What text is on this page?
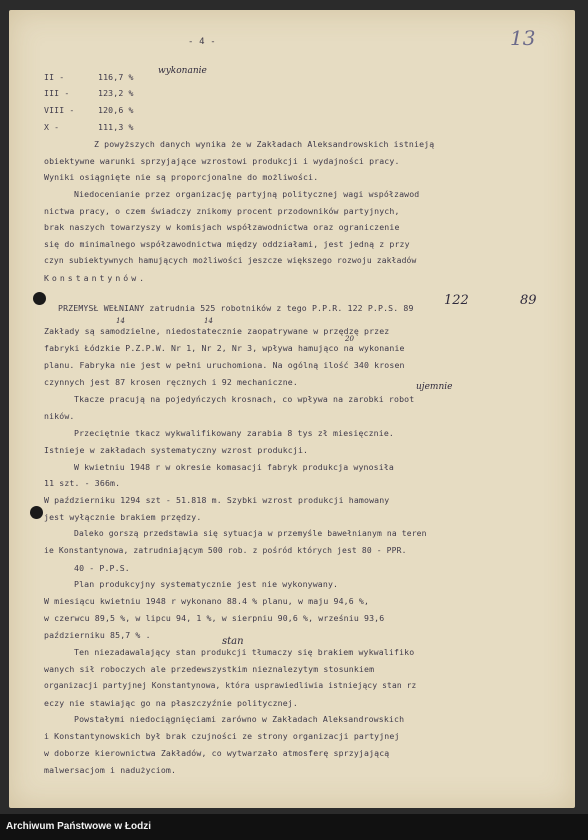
- 4 -	13
II -	116,7 %
III -	123,2 %
VIII -	120,6 %
X -	111,3 %
wykonanie
Z powyższych danych wynika że w Zakładach Aleksandrowskich istnieją
obiektywne warunki sprzyjające wzrostowi produkcji i wydajności pracy.
Wyniki osiągnięte nie są proporcjonalne do możliwości.
Niedocenianie przez organizację partyjną politycznej wagi współzawod
nictwa pracy, o czem świadczy znikomy procent przodowników partyjnych,
brak naszych towarzyszy w komisjach współzawodnictwa oraz ograniczenie
się do minimalnego współzawodnictwa między oddziałami, jest jedną z przy
czyn subiektywnych hamujących możliwości jeszcze większego rozwoju zakładów
Konstantynów.
PRZEMYSŁ WEŁNIANY zatrudnia 525 robotników z tego P.P.R. 122 P.P.S. 89
Zakłady są samodzielne, niedostatecznie zaopatrywane w przędzę przez
fabryki Łódzkie P.Z.P.W. Nr 1, Nr 2, Nr 3, wpływa hamująco na wykonanie
planu. Fabryka nie jest w pełni uruchomiona. Na ogólną ilość 340 krosen
czynnych jest 87 krosen ręcznych i 92 mechaniczne.
Tkacze pracują na pojedyńczych krosnach, co wpływa na zarobki robot
ników.
Przeciętnie tkacz wykwalifikowany zarabia 8 tys zł miesięcznie.
Istnieje w zakładach systematyczny wzrost produkcji.
W kwietniu 1948 r w okresie komasacji fabryk produkcja wynosiła
11 szt. - 366m.
W październiku 1294 szt - 51.818 m. Szybki wzrost produkcji hamowany
jest wyłącznie brakiem przędzy.
Daleko gorszą przedstawia się sytuacja w przemyśle bawełnianym na teren
ie Konstantynowa, zatrudniającym 500 rob. z pośród których jest 80 - PPR.
40 - P.P.S.
Plan produkcyjny systematycznie jest nie wykonywany.
W miesiącu kwietniu 1948 r wykonano 88.4 % planu, w maju 94,6 %,
w czerwcu 89,5 %, w lipcu 94, 1 %, w sierpniu 90,6 %, wrześniu 93,6
październiku 85,7 % .
Ten niezadawalający stan produkcji tłumaczy się brakiem wykwalifiko
wanych sił roboczych ale przedewszystkim nieznalezytym stosunkiem
organizacji partyjnej Konstantynowa, która usprawiedliwia istniejący stan rz
eczy nie stawiając go na płaszczyźnie politycznej.
Powstałymi niedociągnięciami zarówno w Zakładach Aleksandrowskich
i Konstantynowskich był brak czujności ze strony organizacji partyjnej
w doborze kierownictwa Zakładów, co wytwarzało atmosferę sprzyjającą
malwersacjom i nadużyciom.
122	89
14	14
20
ujemnie
stan
Archiwum Państwowe w Łodzi
